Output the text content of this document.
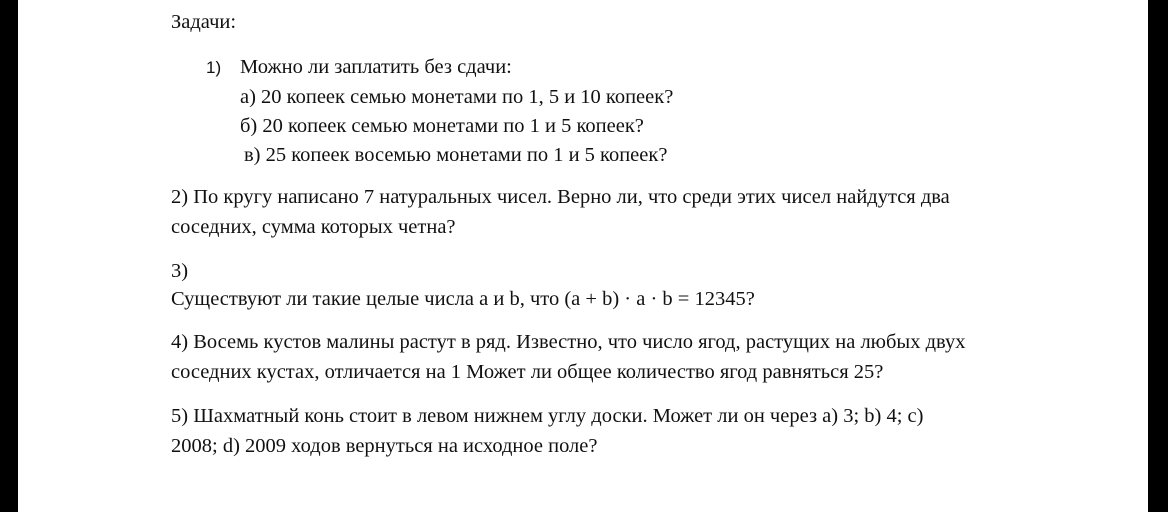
Задачи:

1) Можно ли заплатить без сдачи:

а) 20 копеек семью монетами по 1, 5 и 10 копеек?

б) 20 копеек семью монетами по 1 и 5 копеек?

в) 25 копеек восемью монетами по 1 и 5 копеек?

2) По кругу написано 7 натуральных чисел. Верно ли, что среди этих чисел найдутся два

соседних, сумма которых четна?

3)

Существуют ли такие целые числа a и b, что (a + b) · a · b = 12345?

4) Восемь кустов малины растут в ряд. Известно, что число ягод, растущих на любых двух

соседних кустах, отличается на 1 Может ли общее количество ягод равняться 25?

5) Шахматный конь стоит в левом нижнем углу доски. Может ли он через а) 3; b) 4; c)

2008; d) 2009 ходов вернуться на исходное поле?
